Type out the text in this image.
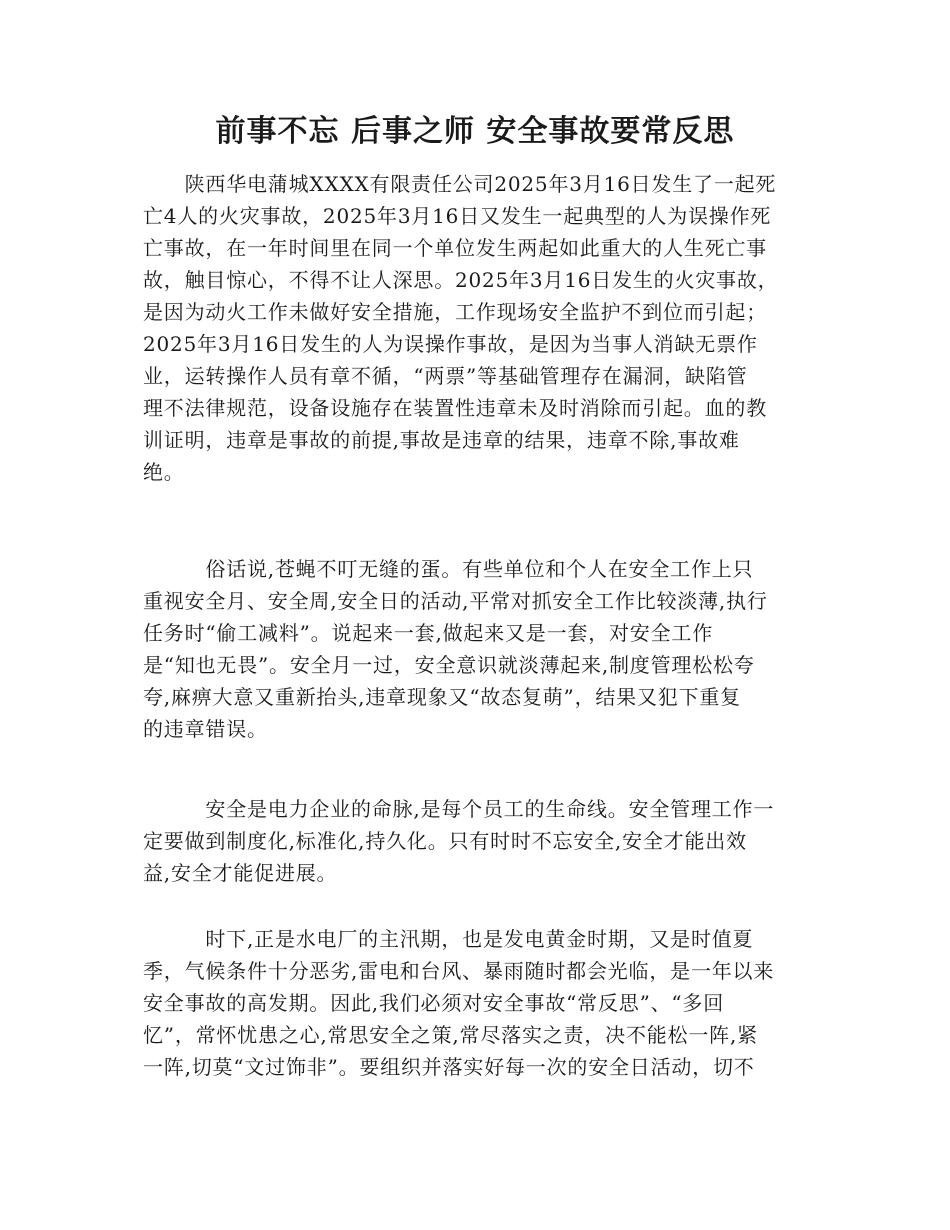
前事不忘 后事之师 安全事故要常反思
　　陕西华电蒲城XXXX有限责任公司2025年3月16日发生了一起死
亡4人的火灾事故，2025年3月16日又发生一起典型的人为误操作死
亡事故，在一年时间里在同一个单位发生两起如此重大的人生死亡事
故，触目惊心，不得不让人深思。2025年3月16日发生的火灾事故，
是因为动火工作未做好安全措施，工作现场安全监护不到位而引起；
2025年3月16日发生的人为误操作事故，是因为当事人消缺无票作
业，运转操作人员有章不循，“两票”等基础管理存在漏洞，缺陷管
理不法律规范，设备设施存在装置性违章未及时消除而引起。血的教
训证明，违章是事故的前提,事故是违章的结果，违章不除,事故难
绝。
　　　俗话说,苍蝇不叮无缝的蛋。有些单位和个人在安全工作上只
重视安全月、安全周,安全日的活动,平常对抓安全工作比较淡薄,执行
任务时“偷工减料”。说起来一套,做起来又是一套，对安全工作
是“知也无畏”。安全月一过，安全意识就淡薄起来,制度管理松松夸
夸,麻痹大意又重新抬头,违章现象又“故态复萌”，结果又犯下重复
的违章错误。
　　　安全是电力企业的命脉,是每个员工的生命线。安全管理工作一
定要做到制度化,标准化,持久化。只有时时不忘安全,安全才能出效
益,安全才能促进展。
　　　时下,正是水电厂的主汛期，也是发电黄金时期，又是时值夏
季，气候条件十分恶劣,雷电和台风、暴雨随时都会光临，是一年以来
安全事故的高发期。因此,我们必须对安全事故“常反思”、“多回
忆”，常怀忧患之心,常思安全之策,常尽落实之责，决不能松一阵,紧
一阵,切莫“文过饰非”。要组织并落实好每一次的安全日活动，切不
